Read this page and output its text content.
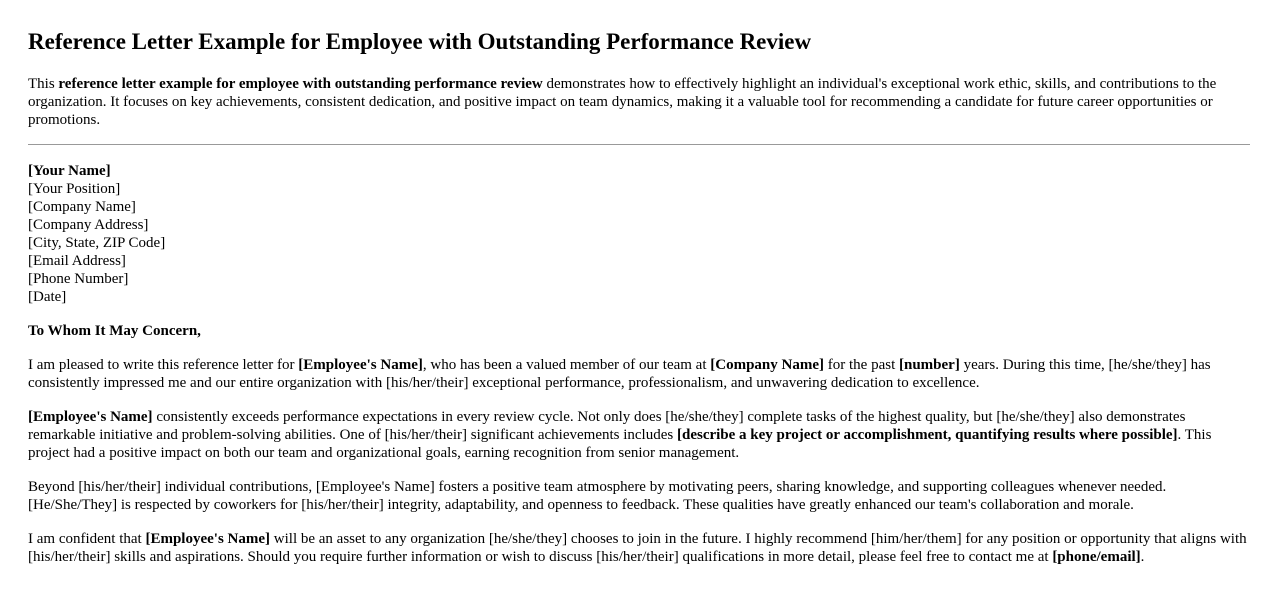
Reference Letter Example for Employee with Outstanding Performance Review

This reference letter example for employee with outstanding performance review demonstrates how to effectively highlight an individual's exceptional work ethic, skills, and contributions to the organization. It focuses on key achievements, consistent dedication, and positive impact on team dynamics, making it a valuable tool for recommending a candidate for future career opportunities or promotions.

[Your Name]
[Your Position]
[Company Name]
[Company Address]
[City, State, ZIP Code]
[Email Address]
[Phone Number]
[Date]

To Whom It May Concern,

I am pleased to write this reference letter for [Employee's Name], who has been a valued member of our team at [Company Name] for the past [number] years. During this time, [he/she/they] has consistently impressed me and our entire organization with [his/her/their] exceptional performance, professionalism, and unwavering dedication to excellence.

[Employee's Name] consistently exceeds performance expectations in every review cycle. Not only does [he/she/they] complete tasks of the highest quality, but [he/she/they] also demonstrates remarkable initiative and problem-solving abilities. One of [his/her/their] significant achievements includes [describe a key project or accomplishment, quantifying results where possible]. This project had a positive impact on both our team and organizational goals, earning recognition from senior management.

Beyond [his/her/their] individual contributions, [Employee's Name] fosters a positive team atmosphere by motivating peers, sharing knowledge, and supporting colleagues whenever needed. [He/She/They] is respected by coworkers for [his/her/their] integrity, adaptability, and openness to feedback. These qualities have greatly enhanced our team's collaboration and morale.

I am confident that [Employee's Name] will be an asset to any organization [he/she/they] chooses to join in the future. I highly recommend [him/her/them] for any position or opportunity that aligns with [his/her/their] skills and aspirations. Should you require further information or wish to discuss [his/her/their] qualifications in more detail, please feel free to contact me at [phone/email].
